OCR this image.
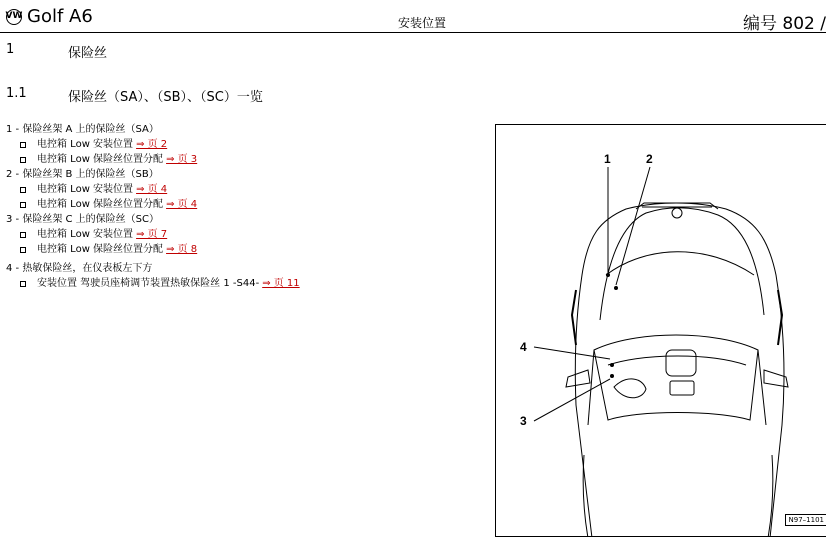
VW Golf A6	安装位置	编号 802 /
1	保险丝
1.1	保险丝（SA）、（SB）、（SC）一览
1 - 保险丝架 A 上的保险丝（SA）
电控箱 Low 安装位置 ⇒ 页 2
电控箱 Low 保险丝位置分配 ⇒ 页 3
2 - 保险丝架 B 上的保险丝（SB）
电控箱 Low 安装位置 ⇒ 页 4
电控箱 Low 保险丝位置分配 ⇒ 页 4
3 - 保险丝架 C 上的保险丝（SC）
电控箱 Low 安装位置 ⇒ 页 7
电控箱 Low 保险丝位置分配 ⇒ 页 8
4 - 热敏保险丝，在仪表板左下方
安装位置 驾驶员座椅调节装置热敏保险丝 1 -S44- ⇒ 页 11
1	2
4
3
N97–1101
